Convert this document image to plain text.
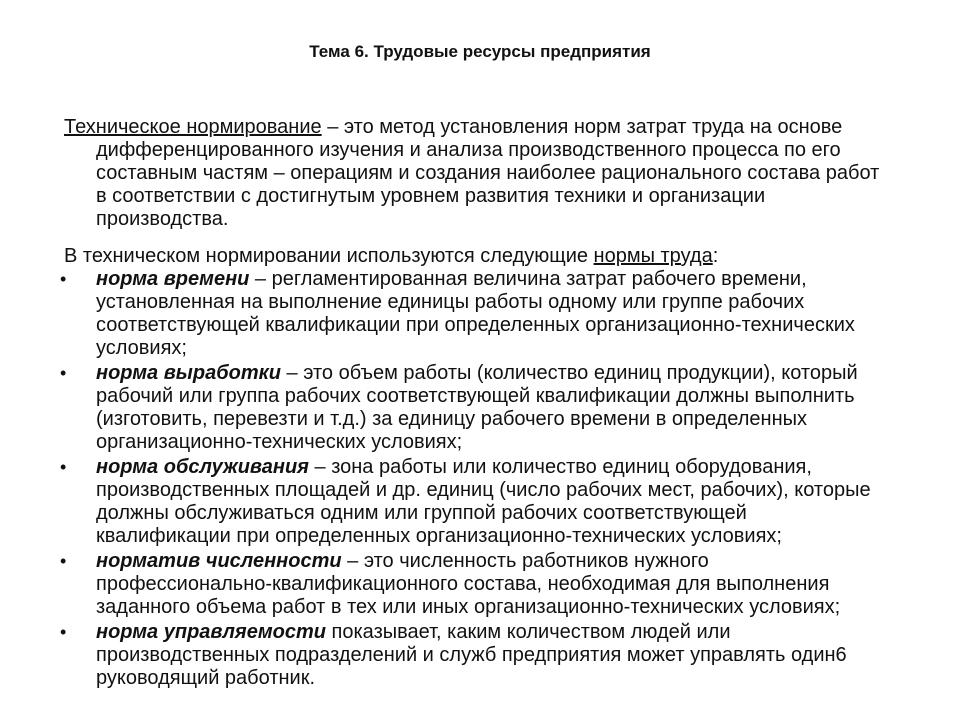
Тема 6. Трудовые ресурсы предприятия
Техническое нормирование – это метод установления норм затрат труда на основе
дифференцированного изучения и анализа производственного процесса по его
составным частям – операциям и создания наиболее рационального состава работ
в соответствии с достигнутым уровнем развития техники и организации
производства.
В техническом нормировании используются следующие нормы труда:
• норма времени – регламентированная величина затрат рабочего времени,
установленная на выполнение единицы работы одному или группе рабочих
соответствующей квалификации при определенных организационно-технических
условиях;
• норма выработки – это объем работы (количество единиц продукции), который
рабочий или группа рабочих соответствующей квалификации должны выполнить
(изготовить, перевезти и т.д.) за единицу рабочего времени в определенных
организационно-технических условиях;
• норма обслуживания – зона работы или количество единиц оборудования,
производственных площадей и др. единиц (число рабочих мест, рабочих), которые
должны обслуживаться одним или группой рабочих соответствующей
квалификации при определенных организационно-технических условиях;
• норматив численности – это численность работников нужного
профессионально-квалификационного состава, необходимая для выполнения
заданного объема работ в тех или иных организационно-технических условиях;
• норма управляемости показывает, каким количеством людей или
производственных подразделений и служб предприятия может управлять один6
руководящий работник.
